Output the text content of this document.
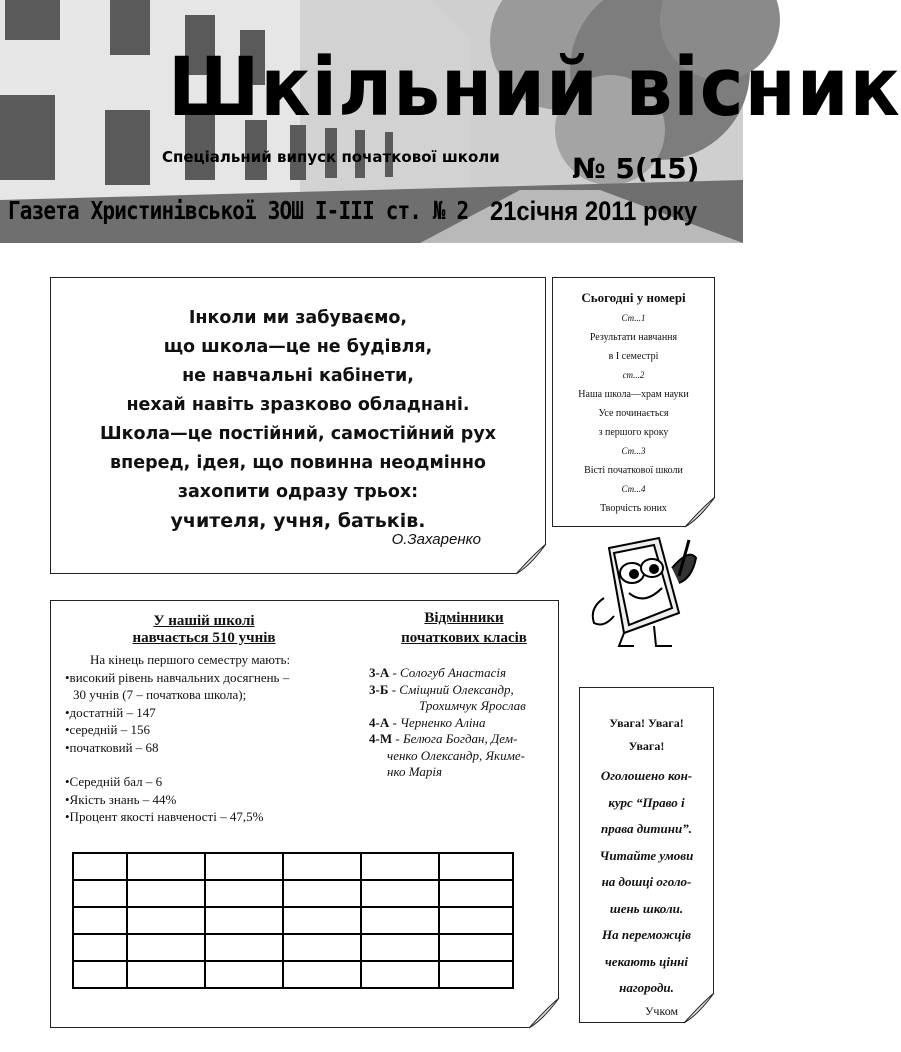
Шкільний вісник
Спеціальний випуск початкової школи	№ 5(15)
Газета Христинівської ЗОШ І-ІІІ ст. № 2 21січня 2011 року
Інколи ми забуваємо,
що школа—це не будівля,
не навчальні кабінети,
нехай навіть зразково обладнані.
Школа—це постійний, самостійний рух
вперед, ідея, що повинна неодмінно
захопити одразу трьох:
учителя, учня, батьків.
О.Захаренко
Сьогодні у номері
Ст...1
Результати навчання
в І семестрі
ст...2
Наша школа—храм науки
Усе починається
з першого кроку
Ст...3
Вісті початкової школи
Ст...4
Творчість юних
У нашій школі
навчається 510 учнів
На кінець першого семестру мають:
•високий рівень навчальних досягнень –
30 учнів (7 – початкова школа);
•достатній – 147
•середній – 156
•початковий – 68
•Середній бал – 6
•Якість знань – 44%
•Процент якості навченості – 47,5%
Відмінники
початкових класів
3-А - Сологуб Анастасія
3-Б - Сміщний Олександр,
Трохимчук Ярослав
4-А - Черненко Аліна
4-М - Белюга Богдан, Дем-
ченко Олександр, Якиме-
нко Марія

Увага! Увага!
Увага!
Оголошено кон-
курс “Право і
права дитини”.
Читайте умови
на дошці оголо-
шень школи.
На переможців
чекають цінні
нагороди.
Учком
